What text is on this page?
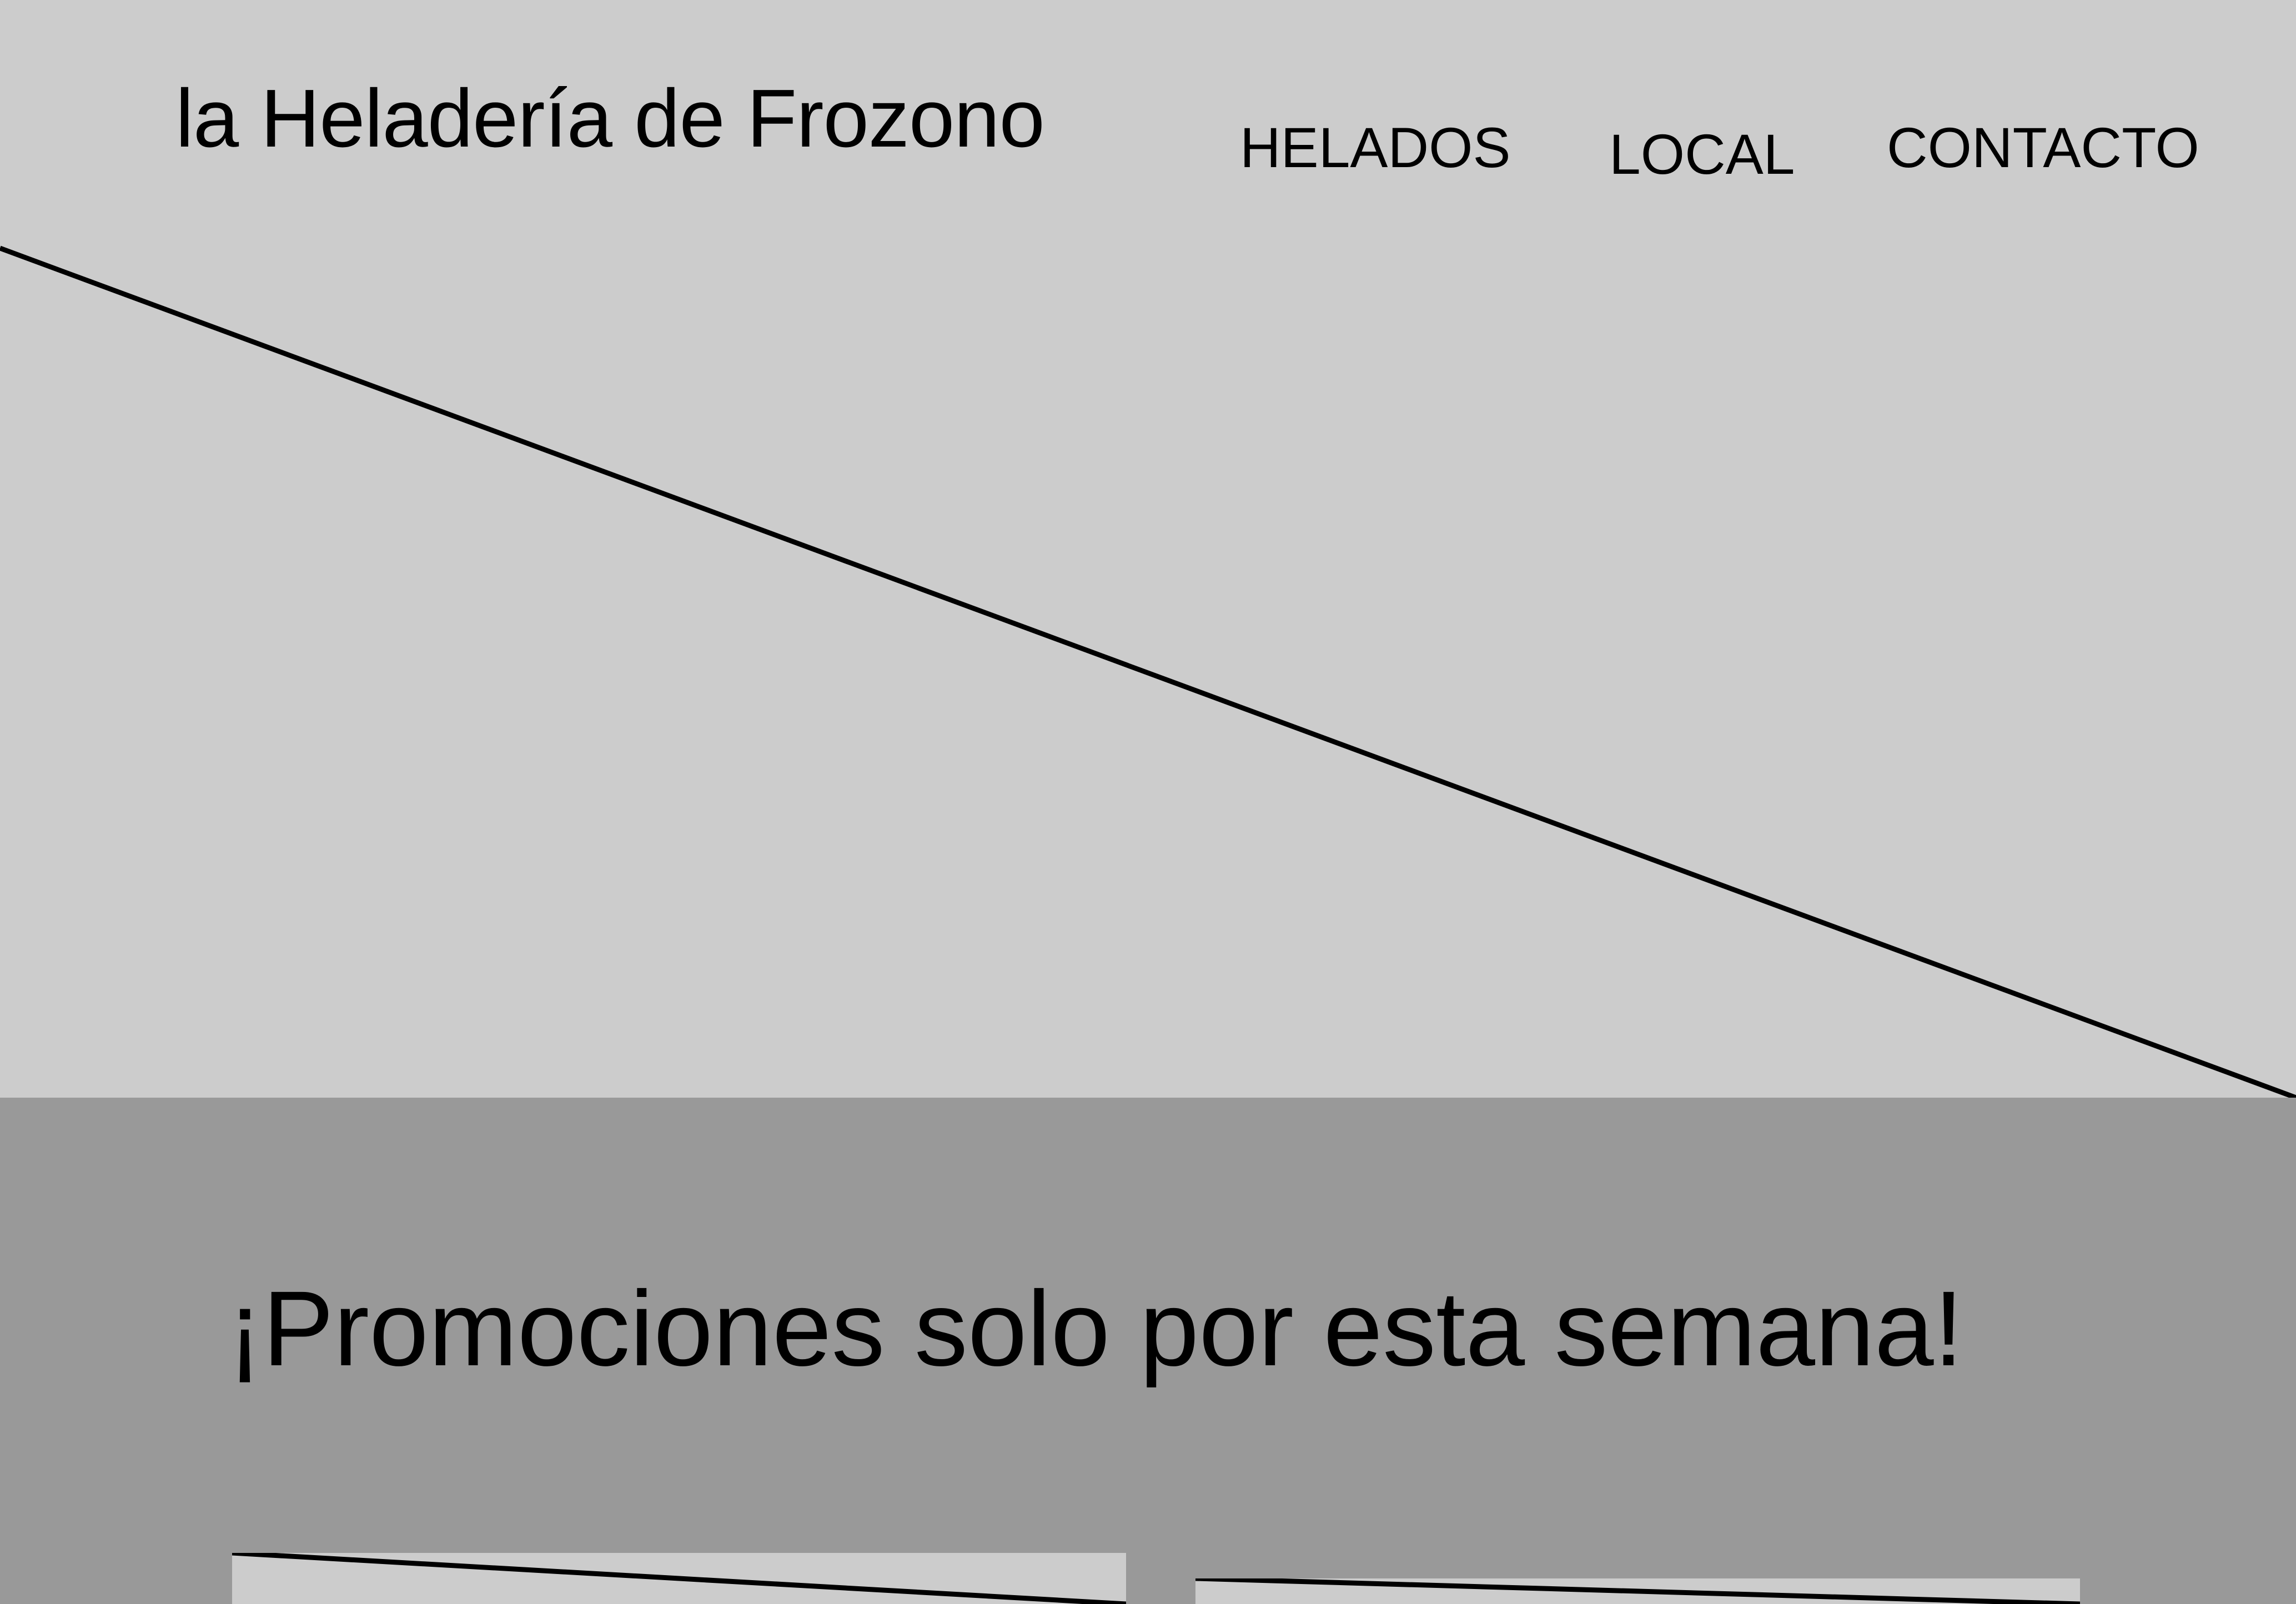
la Heladería de Frozono	HELADOS LOCAL CONTACTO
¡Promociones solo por esta semana!
